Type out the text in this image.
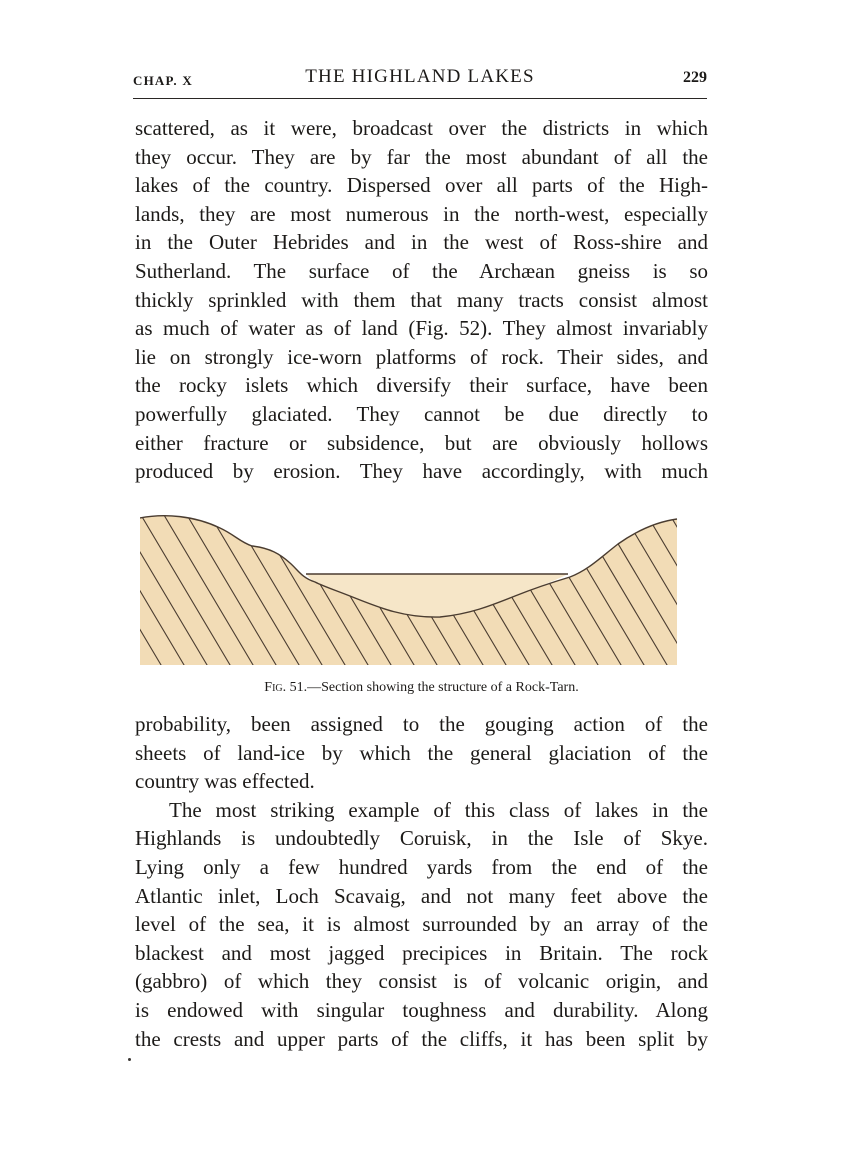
CHAP. X	THE HIGHLAND LAKES	229
scattered, as it were, broadcast over the districts in which
they occur. They are by far the most abundant of all the
lakes of the country. Dispersed over all parts of the High-
lands, they are most numerous in the north-west, especially
in the Outer Hebrides and in the west of Ross-shire and
Sutherland. The surface of the Archæan gneiss is so
thickly sprinkled with them that many tracts consist almost
as much of water as of land (Fig. 52). They almost invariably
lie on strongly ice-worn platforms of rock. Their sides, and
the rocky islets which diversify their surface, have been
powerfully glaciated. They cannot be due directly to
either fracture or subsidence, but are obviously hollows
produced by erosion. They have accordingly, with much
Fig. 51.—Section showing the structure of a Rock-Tarn.
probability, been assigned to the gouging action of the
sheets of land-ice by which the general glaciation of the
country was effected.
The most striking example of this class of lakes in the
Highlands is undoubtedly Coruisk, in the Isle of Skye.
Lying only a few hundred yards from the end of the
Atlantic inlet, Loch Scavaig, and not many feet above the
level of the sea, it is almost surrounded by an array of the
blackest and most jagged precipices in Britain. The rock
(gabbro) of which they consist is of volcanic origin, and
is endowed with singular toughness and durability. Along
the crests and upper parts of the cliffs, it has been split by
